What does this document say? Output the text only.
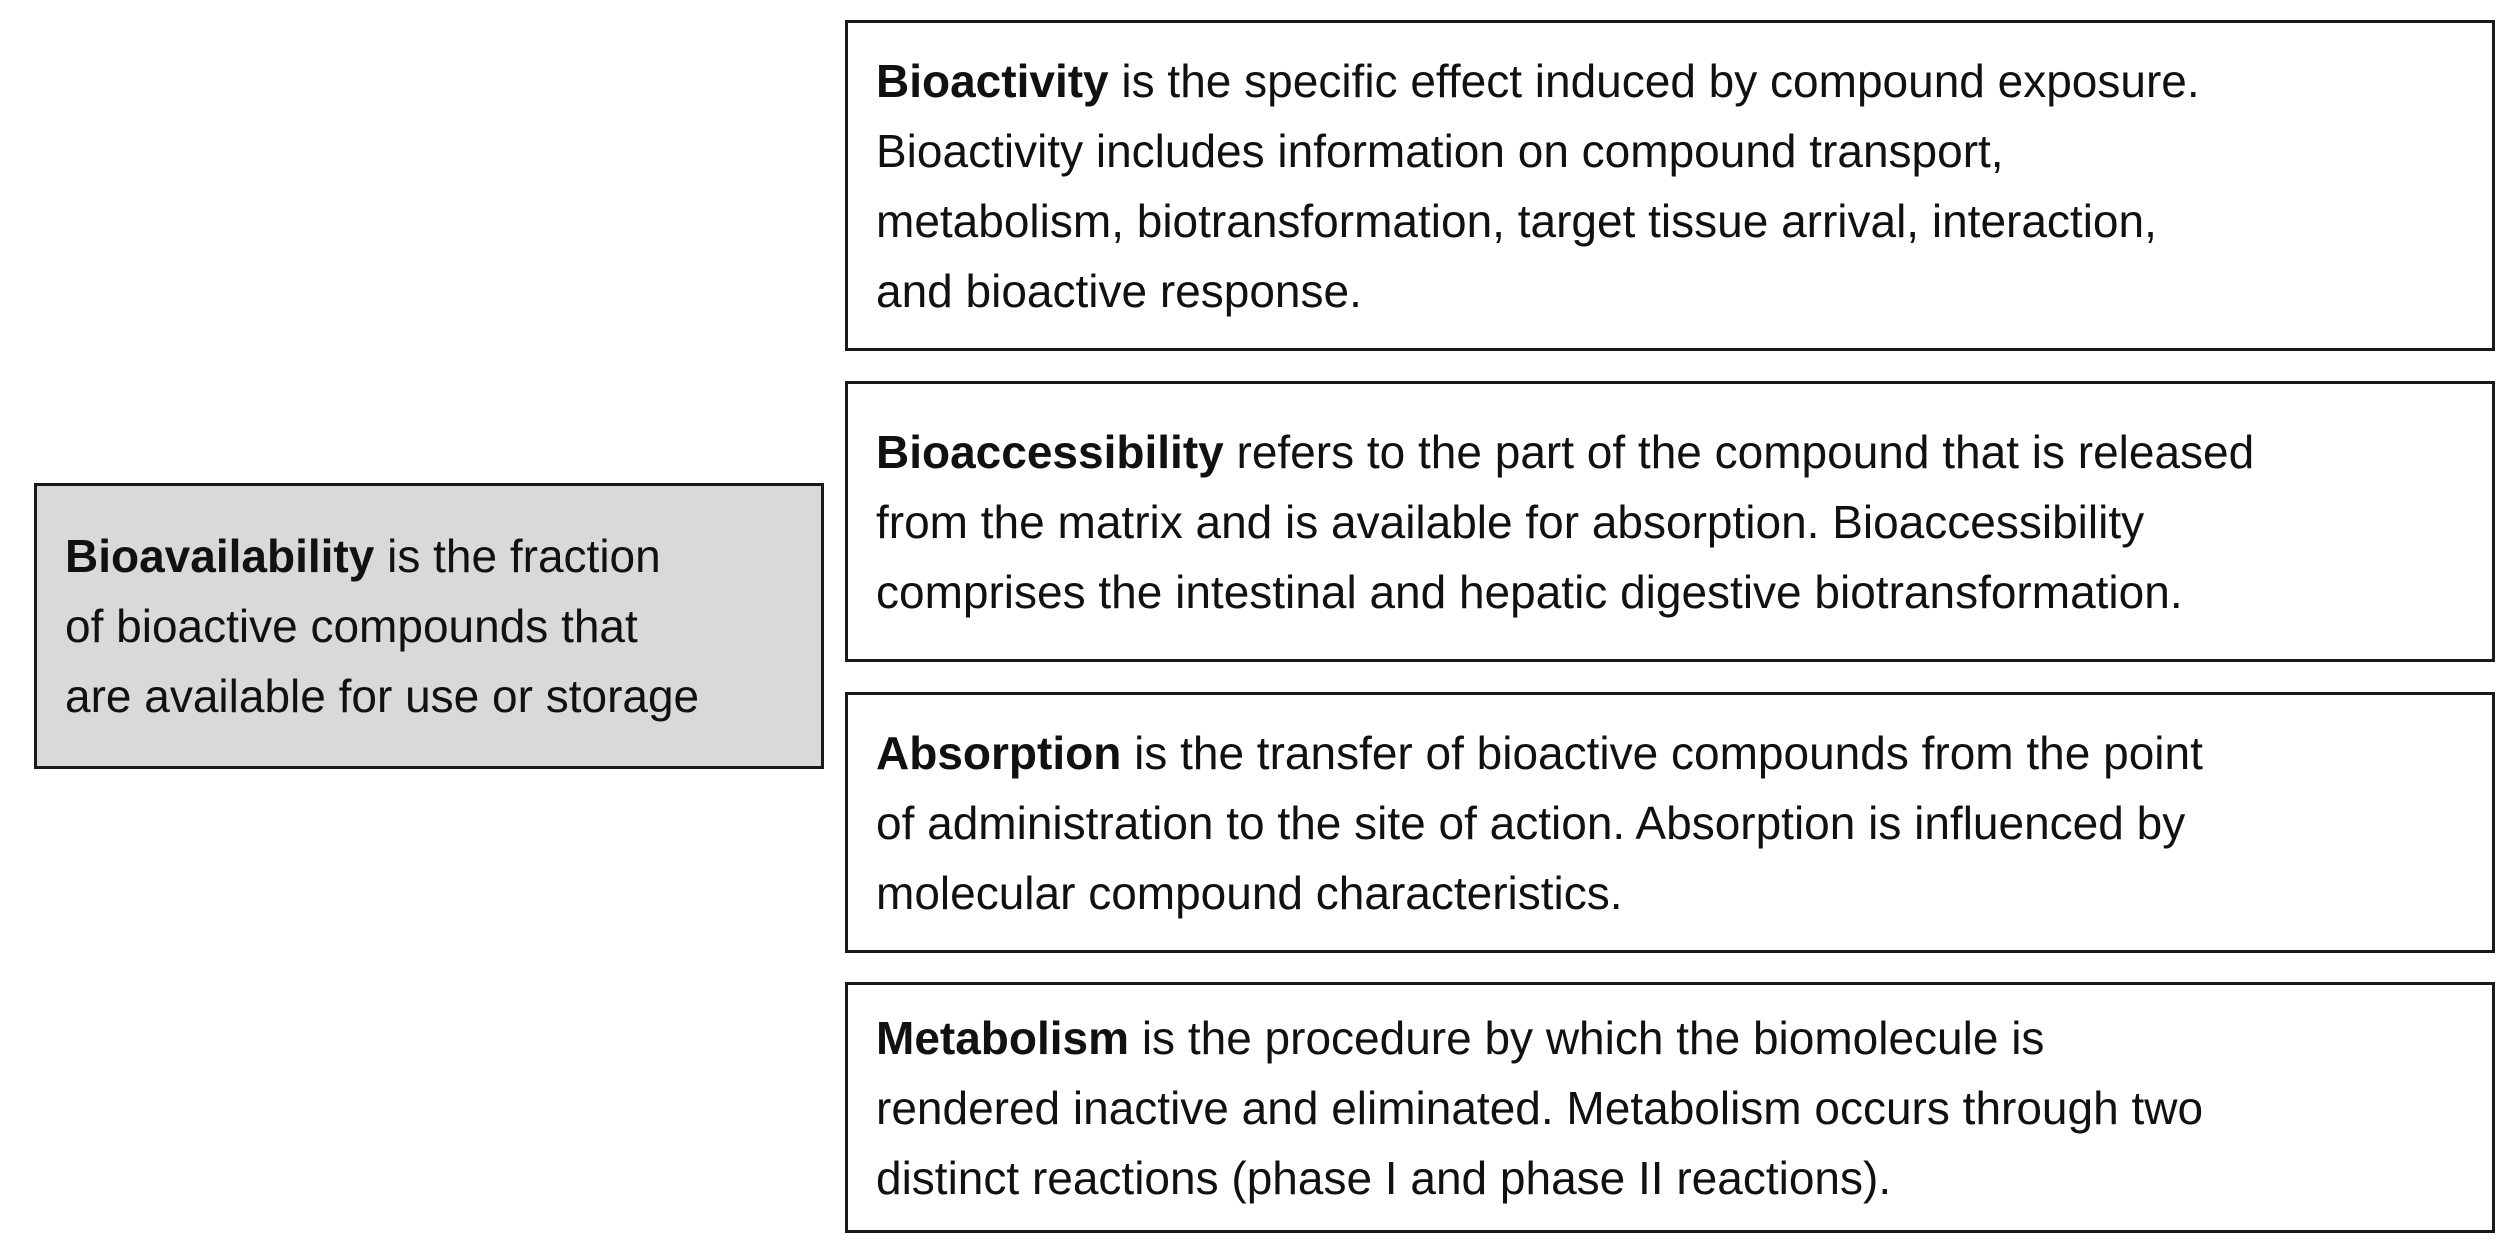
Bioavailability is the fraction
of bioactive compounds that
are available for use or storage

Bioactivity is the specific effect induced by compound exposure.
Bioactivity includes information on compound transport,
metabolism, biotransformation, target tissue arrival, interaction,
and bioactive response.

Bioaccessibility refers to the part of the compound that is released
from the matrix and is available for absorption. Bioaccessibility
comprises the intestinal and hepatic digestive biotransformation.

Absorption is the transfer of bioactive compounds from the point
of administration to the site of action. Absorption is influenced by
molecular compound characteristics.

Metabolism is the procedure by which the biomolecule is
rendered inactive and eliminated. Metabolism occurs through two
distinct reactions (phase I and phase II reactions).
